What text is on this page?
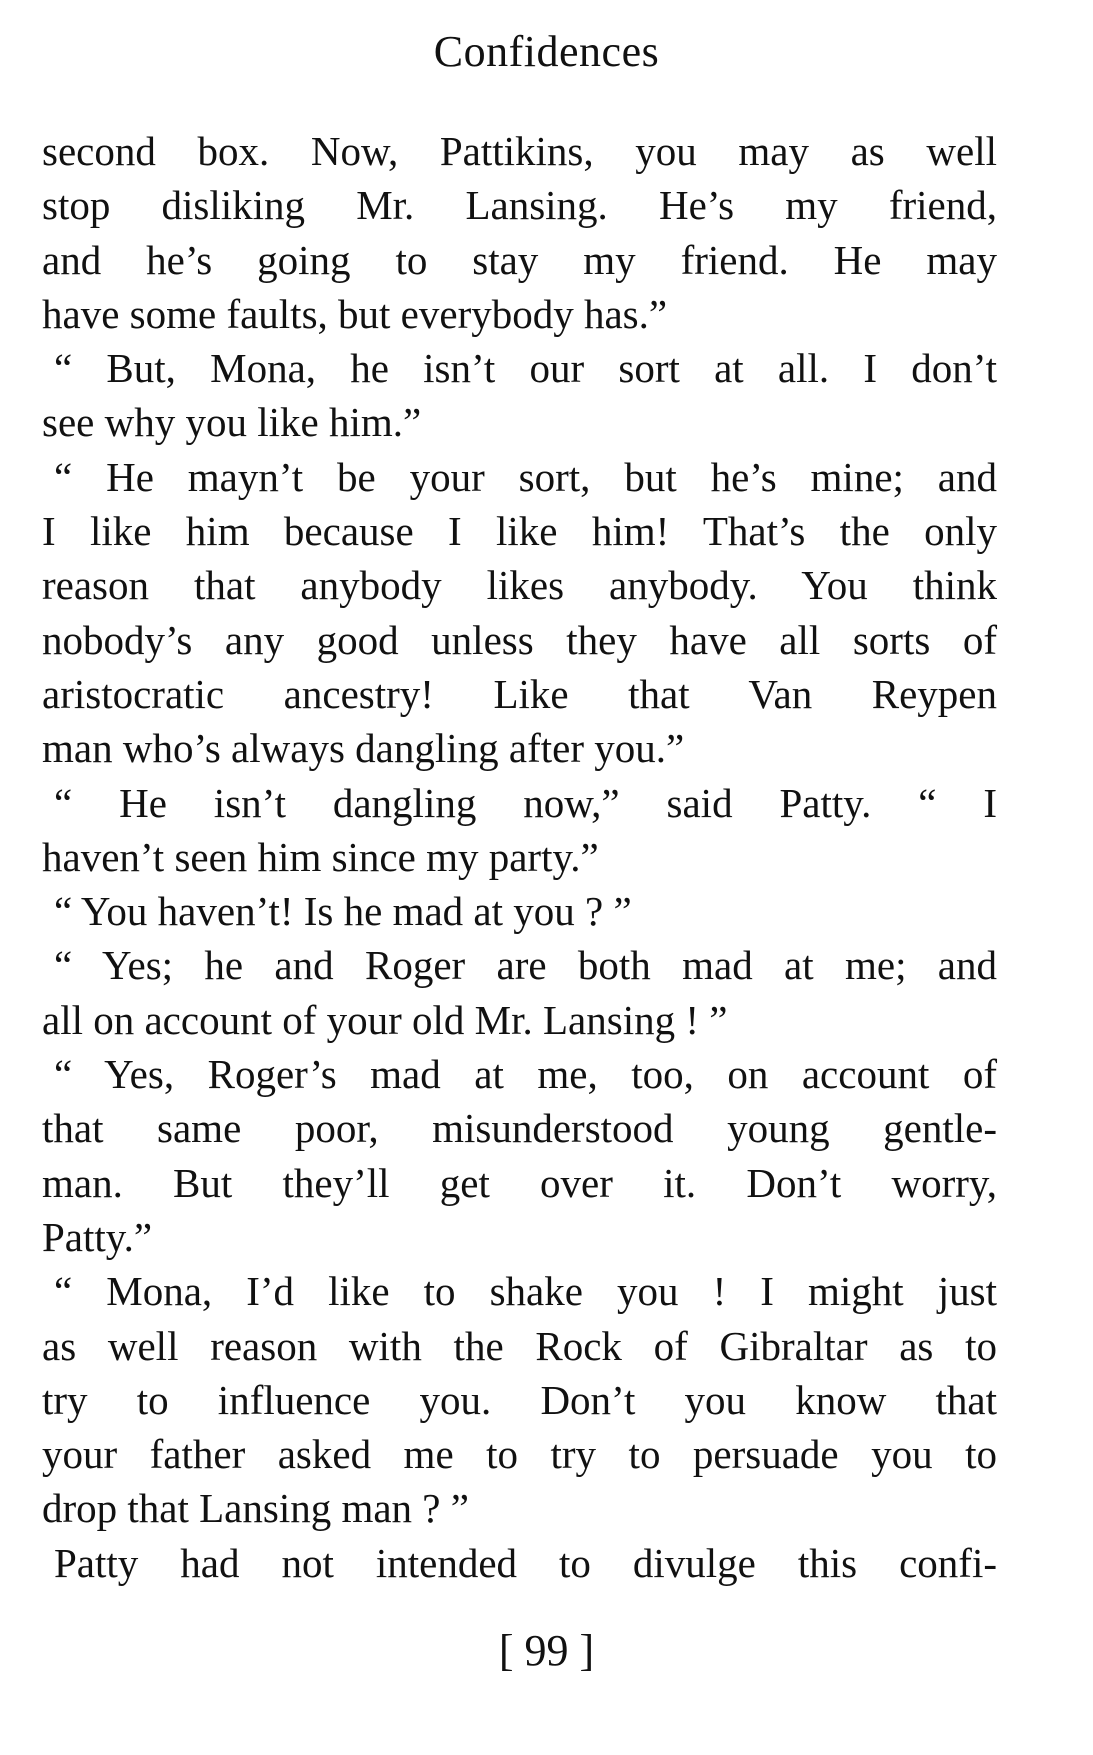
Confidences
second box. Now, Pattikins, you may as well
stop disliking Mr. Lansing. He’s my friend,
and he’s going to stay my friend. He may
have some faults, but everybody has.”
“ But, Mona, he isn’t our sort at all. I don’t
see why you like him.”
“ He mayn’t be your sort, but he’s mine; and
I like him because I like him! That’s the only
reason that anybody likes anybody. You think
nobody’s any good unless they have all sorts of
aristocratic ancestry! Like that Van Reypen
man who’s always dangling after you.”
“ He isn’t dangling now,” said Patty. “ I
haven’t seen him since my party.”
“ You haven’t! Is he mad at you ? ”
“ Yes; he and Roger are both mad at me; and
all on account of your old Mr. Lansing ! ”
“ Yes, Roger’s mad at me, too, on account of
that same poor, misunderstood young gentle-
man. But they’ll get over it. Don’t worry,
Patty.”
“ Mona, I’d like to shake you ! I might just
as well reason with the Rock of Gibraltar as to
try to influence you. Don’t you know that
your father asked me to try to persuade you to
drop that Lansing man ? ”
Patty had not intended to divulge this confi-
[ 99 ]
